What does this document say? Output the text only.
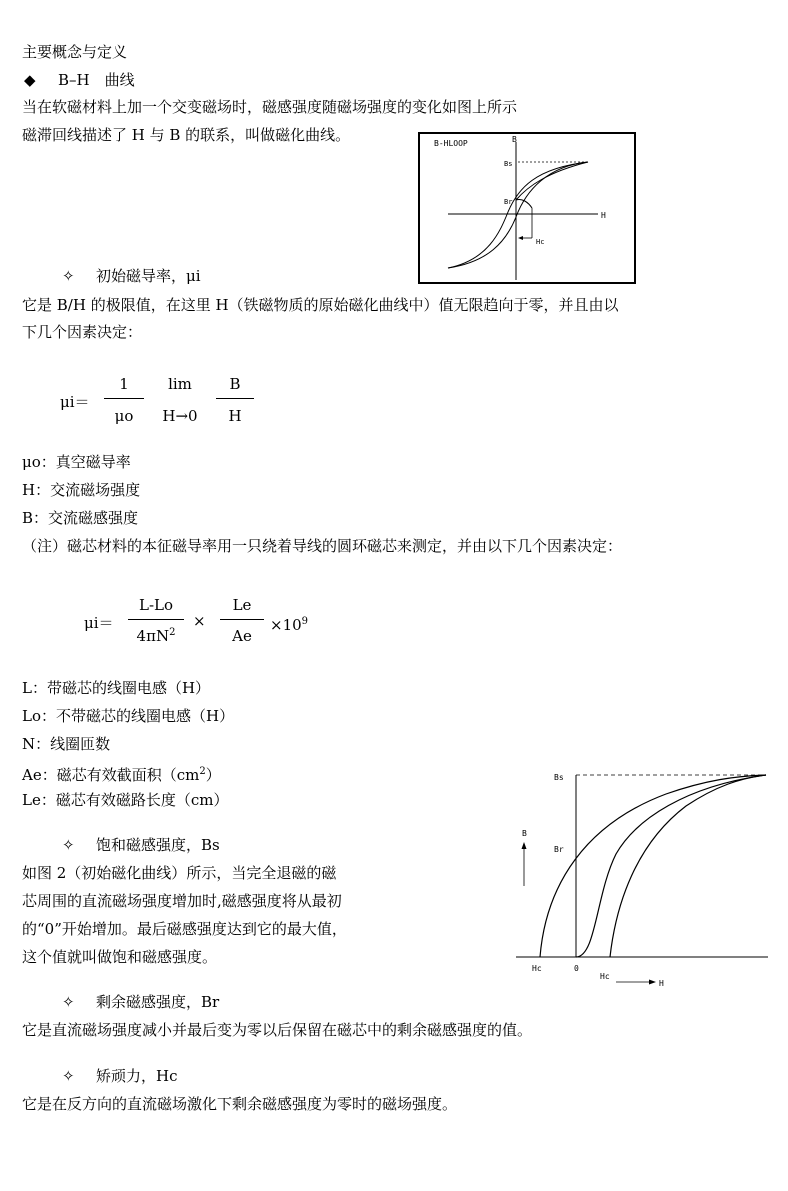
主要概念与定义
◆ B–H　曲线
当在软磁材料上加一个交变磁场时，磁感强度随磁场强度的变化如图上所示
磁滞回线描述了 H 与 B 的联系，叫做磁化曲线。	B-HLOOP	B
H
Bs
Br
Hc
✧ 初始磁导率，μi
它是 B/H 的极限值，在这里 H（铁磁物质的原始磁化曲线中）值无限趋向于零，并且由以
下几个因素决定：
μi＝
1
μo
lim
H→0
B
H
μo：真空磁导率
H：交流磁场强度
B：交流磁感强度
（注）磁芯材料的本征磁导率用一只绕着导线的圆环磁芯来测定，并由以下几个因素决定：
μi＝
L-Lo
$4\pi N^2$
×
Le
Ae
$\times 10^9$
L：带磁芯的线圈电感（H）
Lo：不带磁芯的线圈电感（H）
N：线圈匝数
Ae：磁芯有效截面积$(cm^2)$
Le：磁芯有效磁路长度（cm）
Bs
B
Br
Hc	0
Hc
H
✧ 饱和磁感强度，Bs
如图 2（初始磁化曲线）所示，当完全退磁的磁
芯周围的直流磁场强度增加时,磁感强度将从最初
的“0”开始增加。最后磁感强度达到它的最大值，
这个值就叫做饱和磁感强度。
✧ 剩余磁感强度，Br
它是直流磁场强度减小并最后变为零以后保留在磁芯中的剩余磁感强度的值。
✧ 矫顽力，Hc
它是在反方向的直流磁场激化下剩余磁感强度为零时的磁场强度。
